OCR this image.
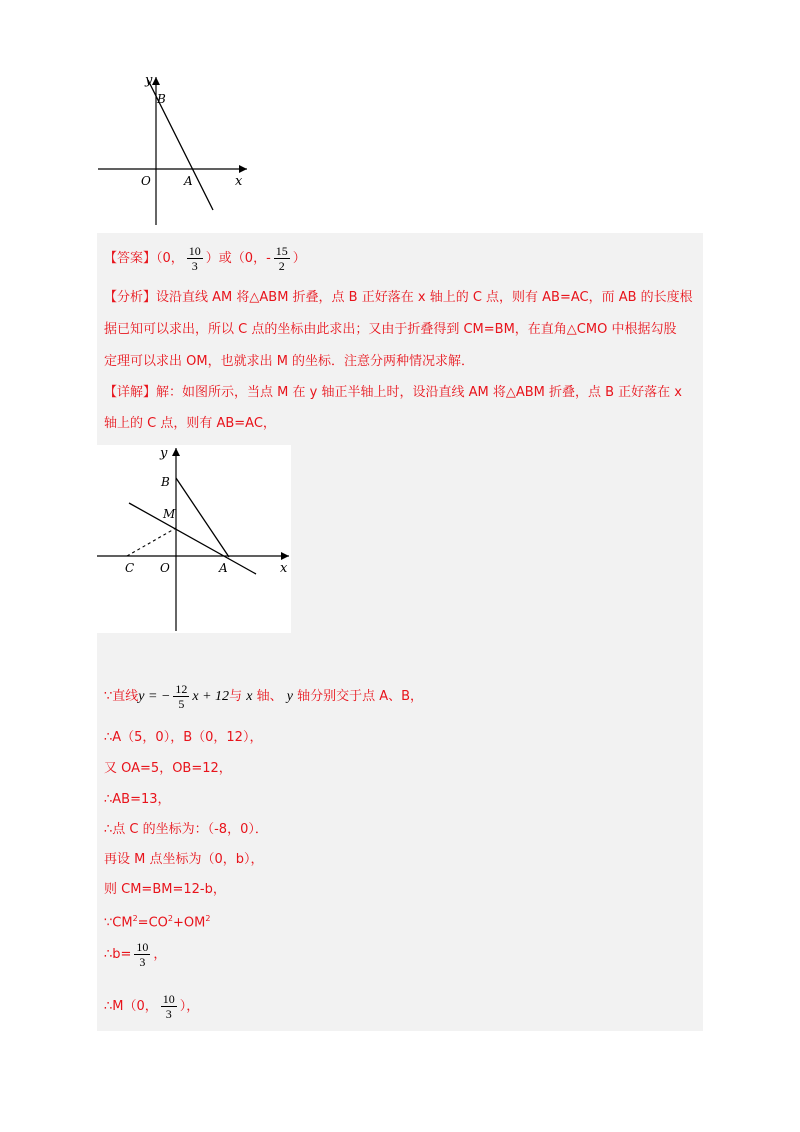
y
B
O	A	x
【答案】（0， $\frac{10}{3}$ ）或（0，- $\frac{15}{2}$ ）
【分析】设沿直线 AM 将△ABM 折叠，点 B 正好落在 x 轴上的 C 点，则有 AB=AC，而 AB 的长度根
据已知可以求出，所以 C 点的坐标由此求出；又由于折叠得到 CM=BM，在直角△CMO 中根据勾股
定理可以求出 OM，也就求出 M 的坐标．注意分两种情况求解．
【详解】解：如图所示，当点 M 在 y 轴正半轴上时，设沿直线 AM 将△ABM 折叠，点 B 正好落在 x
轴上的 C 点，则有 AB=AC，
y
B
M
C O	A	x
∵直线y = − $\frac{12}{5}$ x + 12与 x 轴、 y 轴分别交于点 A、B，
∴A（5，0），B（0，12），
又 OA=5，OB=12，
∴AB=13，
∴点 C 的坐标为：（-8，0）．
再设 M 点坐标为（0，b），
则 CM=BM=12-b，
$\because CM^2=CO^2+OM^2$
∴b= $\frac{10}{3}$ ，
∴M（0， $\frac{10}{3}$ ），
